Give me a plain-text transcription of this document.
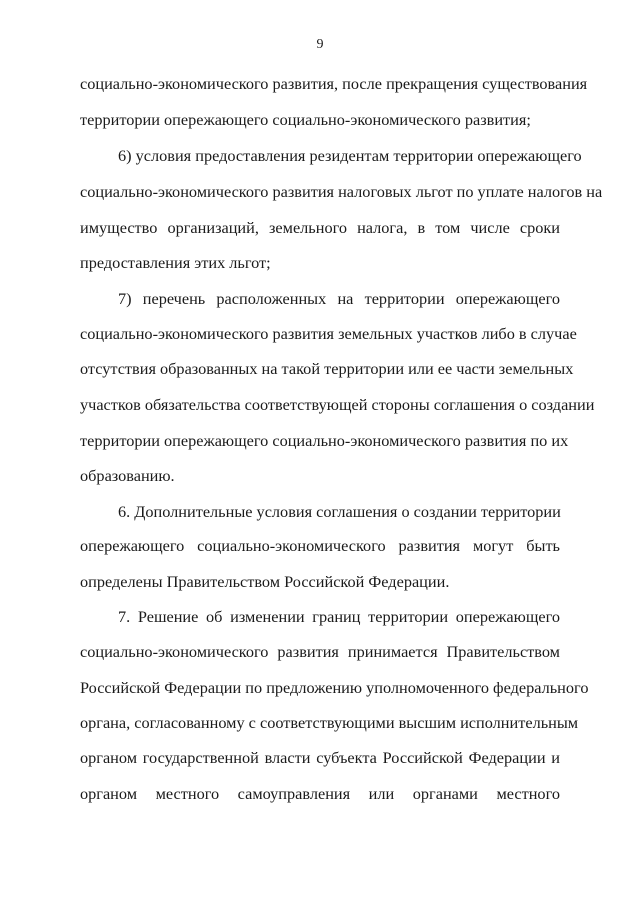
9
социально-экономического развития, после прекращения существования
территории опережающего социально-экономического развития;
6) условия предоставления резидентам территории опережающего
социально-экономического развития налоговых льгот по уплате налогов на
имущество организаций, земельного налога, в том числе сроки
предоставления этих льгот;
7) перечень расположенных на территории опережающего
социально-экономического развития земельных участков либо в случае
отсутствия образованных на такой территории или ее части земельных
участков обязательства соответствующей стороны соглашения о создании
территории опережающего социально-экономического развития по их
образованию.
6. Дополнительные условия соглашения о создании территории
опережающего социально-экономического развития могут быть
определены Правительством Российской Федерации.
7. Решение об изменении границ территории опережающего
социально-экономического развития принимается Правительством
Российской Федерации по предложению уполномоченного федерального
органа, согласованному с соответствующими высшим исполнительным
органом государственной власти субъекта Российской Федерации и
органом местного самоуправления или органами местного
